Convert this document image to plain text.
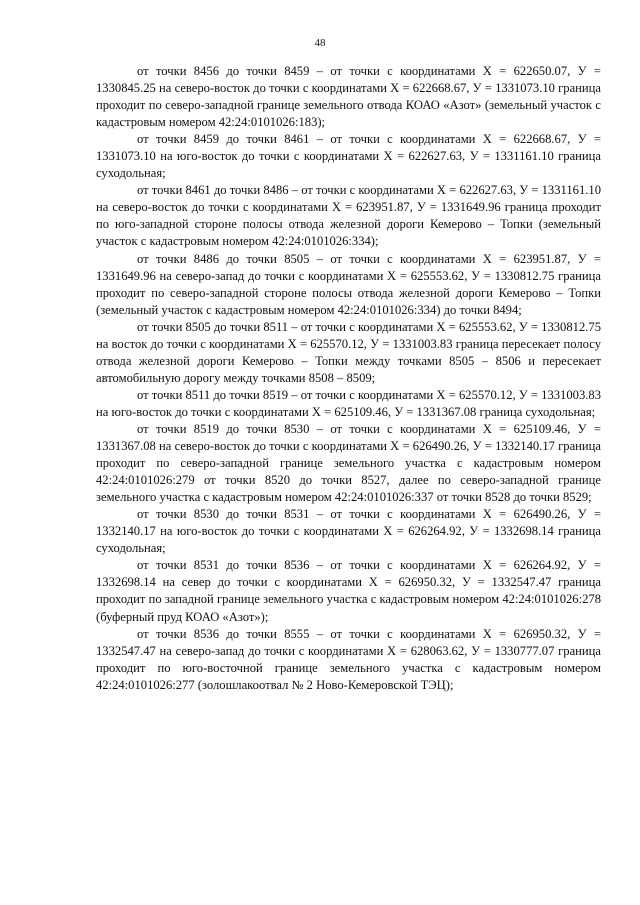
48

от точки 8456 до точки 8459 – от точки с координатами Х = 622650.07, У = 1330845.25 на северо-восток до точки с координатами Х = 622668.67, У = 1331073.10 граница проходит по северо-западной границе земельного отвода КОАО «Азот» (земельный участок с кадастровым номером 42:24:0101026:183);

от точки 8459 до точки 8461 – от точки с координатами Х = 622668.67, У = 1331073.10 на юго-восток до точки с координатами Х = 622627.63, У = 1331161.10 граница суходольная;

от точки 8461 до точки 8486 – от точки с координатами Х = 622627.63, У = 1331161.10 на северо-восток до точки с координатами Х = 623951.87, У = 1331649.96 граница проходит по юго-западной стороне полосы отвода железной дороги Кемерово – Топки (земельный участок с кадастровым номером 42:24:0101026:334);

от точки 8486 до точки 8505 – от точки с координатами Х = 623951.87, У = 1331649.96 на северо-запад до точки с координатами Х = 625553.62, У = 1330812.75 граница проходит по северо-западной стороне полосы отвода железной дороги Кемерово – Топки (земельный участок с кадастровым номером 42:24:0101026:334) до точки 8494;

от точки 8505 до точки 8511 – от точки с координатами Х = 625553.62, У = 1330812.75 на восток до точки с координатами Х = 625570.12, У = 1331003.83 граница пересекает полосу отвода железной дороги Кемерово – Топки между точками 8505 – 8506 и пересекает автомобильную дорогу между точками 8508 – 8509;

от точки 8511 до точки 8519 – от точки с координатами Х = 625570.12, У = 1331003.83 на юго-восток до точки с координатами Х = 625109.46, У = 1331367.08 граница суходольная;

от точки 8519 до точки 8530 – от точки с координатами Х = 625109.46, У = 1331367.08 на северо-восток до точки с координатами Х = 626490.26, У = 1332140.17 граница проходит по северо-западной границе земельного участка с кадастровым номером 42:24:0101026:279 от точки 8520 до точки 8527, далее по северо-западной границе земельного участка с кадастровым номером 42:24:0101026:337 от точки 8528 до точки 8529;

от точки 8530 до точки 8531 – от точки с координатами Х = 626490.26, У = 1332140.17 на юго-восток до точки с координатами Х = 626264.92, У = 1332698.14 граница суходольная;

от точки 8531 до точки 8536 – от точки с координатами Х = 626264.92, У = 1332698.14 на север до точки с координатами Х = 626950.32, У = 1332547.47 граница проходит по западной границе земельного участка с кадастровым номером 42:24:0101026:278 (буферный пруд КОАО «Азот»);

от точки 8536 до точки 8555 – от точки с координатами Х = 626950.32, У = 1332547.47 на северо-запад до точки с координатами Х = 628063.62, У = 1330777.07 граница проходит по юго-восточной границе земельного участка с кадастровым номером 42:24:0101026:277 (золошлакоотвал № 2 Ново-Кемеровской ТЭЦ);
